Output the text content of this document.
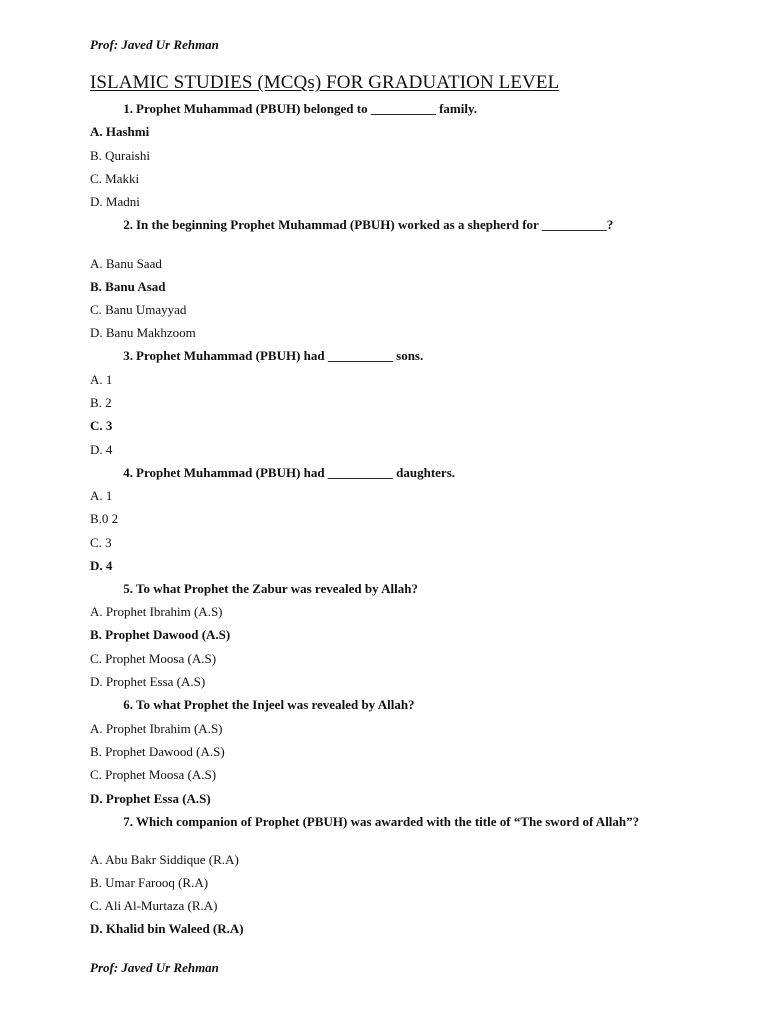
Prof: Javed Ur Rehman
ISLAMIC STUDIES (MCQs) FOR GRADUATION LEVEL
1. Prophet Muhammad (PBUH) belonged to __________ family.
A. Hashmi
B. Quraishi
C. Makki
D. Madni
2. In the beginning Prophet Muhammad (PBUH) worked as a shepherd for __________?
A. Banu Saad
B. Banu Asad
C. Banu Umayyad
D. Banu Makhzoom
3. Prophet Muhammad (PBUH) had __________ sons.
A. 1
B. 2
C. 3
D. 4
4. Prophet Muhammad (PBUH) had __________ daughters.
A. 1
B.0 2
C. 3
D. 4
5. To what Prophet the Zabur was revealed by Allah?
A. Prophet Ibrahim (A.S)
B. Prophet Dawood (A.S)
C. Prophet Moosa (A.S)
D. Prophet Essa (A.S)
6. To what Prophet the Injeel was revealed by Allah?
A. Prophet Ibrahim (A.S)
B. Prophet Dawood (A.S)
C. Prophet Moosa (A.S)
D. Prophet Essa (A.S)
7. Which companion of Prophet (PBUH) was awarded with the title of “The sword of Allah”?
A. Abu Bakr Siddique (R.A)
B. Umar Farooq (R.A)
C. Ali Al-Murtaza (R.A)
D. Khalid bin Waleed (R.A)
Prof: Javed Ur Rehman
